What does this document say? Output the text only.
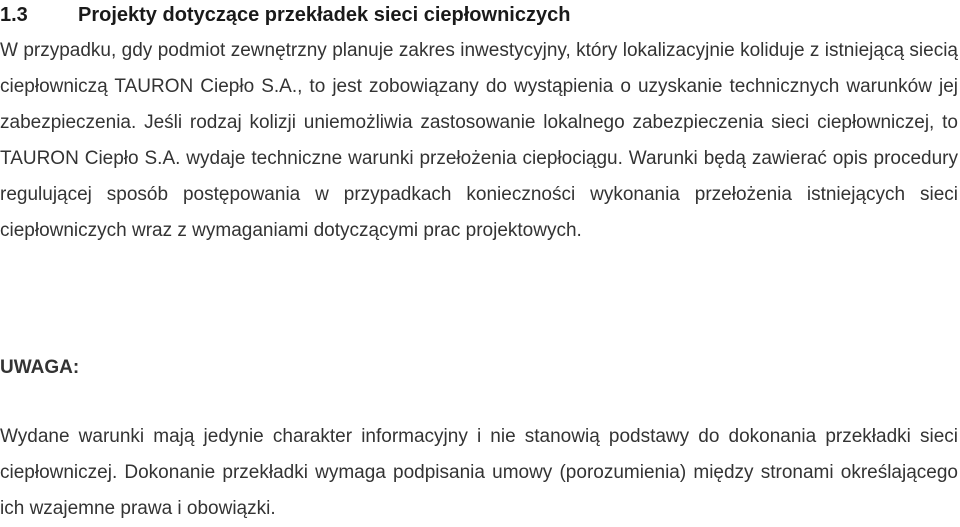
1.3	Projekty dotyczące przekładek sieci ciepłowniczych

W przypadku, gdy podmiot zewnętrzny planuje zakres inwestycyjny, który lokalizacyjnie koliduje z istniejącą siecią ciepłowniczą TAURON Ciepło S.A., to jest zobowiązany do wystąpienia o uzyskanie technicznych warunków jej zabezpieczenia. Jeśli rodzaj kolizji uniemożliwia zastosowanie lokalnego zabezpieczenia sieci ciepłowniczej, to TAURON Ciepło S.A. wydaje techniczne warunki przełożenia ciepłociągu. Warunki będą zawierać opis procedury regulującej sposób postępowania w przypadkach konieczności wykonania przełożenia istniejących sieci ciepłowniczych wraz z wymaganiami dotyczącymi prac projektowych.

UWAGA:

Wydane warunki mają jedynie charakter informacyjny i nie stanowią podstawy do dokonania przekładki sieci ciepłowniczej. Dokonanie przekładki wymaga podpisania umowy (porozumienia) między stronami określającego ich wzajemne prawa i obowiązki.
